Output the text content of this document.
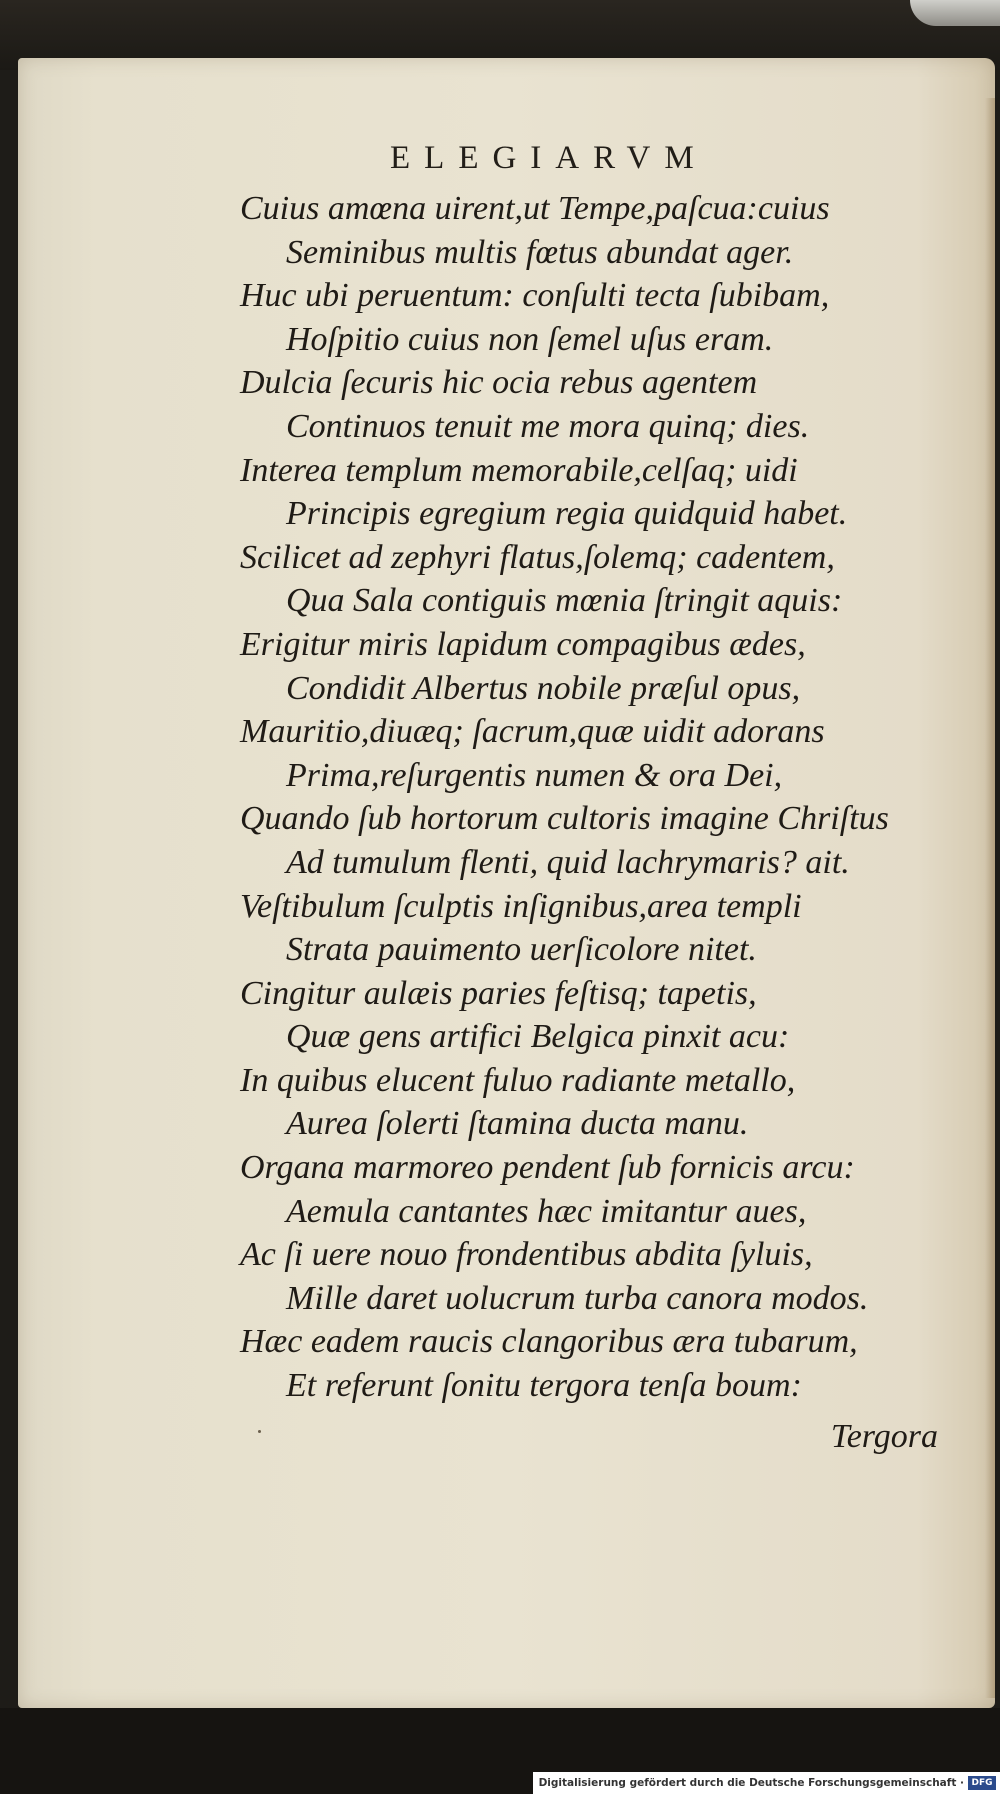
ELEGIARVM
Cuius amœna uirent,ut Tempe,paſcua:cuius
Seminibus multis fœtus abundat ager.
Huc ubi peruentum: conſulti tecta ſubibam,
Hoſpitio cuius non ſemel uſus eram.
Dulcia ſecuris hic ocia rebus agentem
Continuos tenuit me mora quinq; dies.
Interea templum memorabile,celſaq; uidi
Principis egregium regia quidquid habet.
Scilicet ad zephyri flatus,ſolemq; cadentem,
Qua Sala contiguis mœnia ſtringit aquis:
Erigitur miris lapidum compagibus ædes,
Condidit Albertus nobile præſul opus,
Mauritio,diuæq; ſacrum,quæ uidit adorans
Prima,reſurgentis numen & ora Dei,
Quando ſub hortorum cultoris imagine Chriſtus
Ad tumulum flenti, quid lachrymaris? ait.
Veſtibulum ſculptis inſignibus,area templi
Strata pauimento uerſicolore nitet.
Cingitur aulæis paries feſtisq; tapetis,
Quæ gens artifici Belgica pinxit acu:
In quibus elucent fuluo radiante metallo,
Aurea ſolerti ſtamina ducta manu.
Organa marmoreo pendent ſub fornicis arcu:
Aemula cantantes hæc imitantur aues,
Ac ſi uere nouo frondentibus abdita ſyluis,
Mille daret uolucrum turba canora modos.
Hæc eadem raucis clangoribus æra tubarum,
Et referunt ſonitu tergora tenſa boum:
Tergora
Digitalisierung gefördert durch die Deutsche Forschungsgemeinschaft · DFG
